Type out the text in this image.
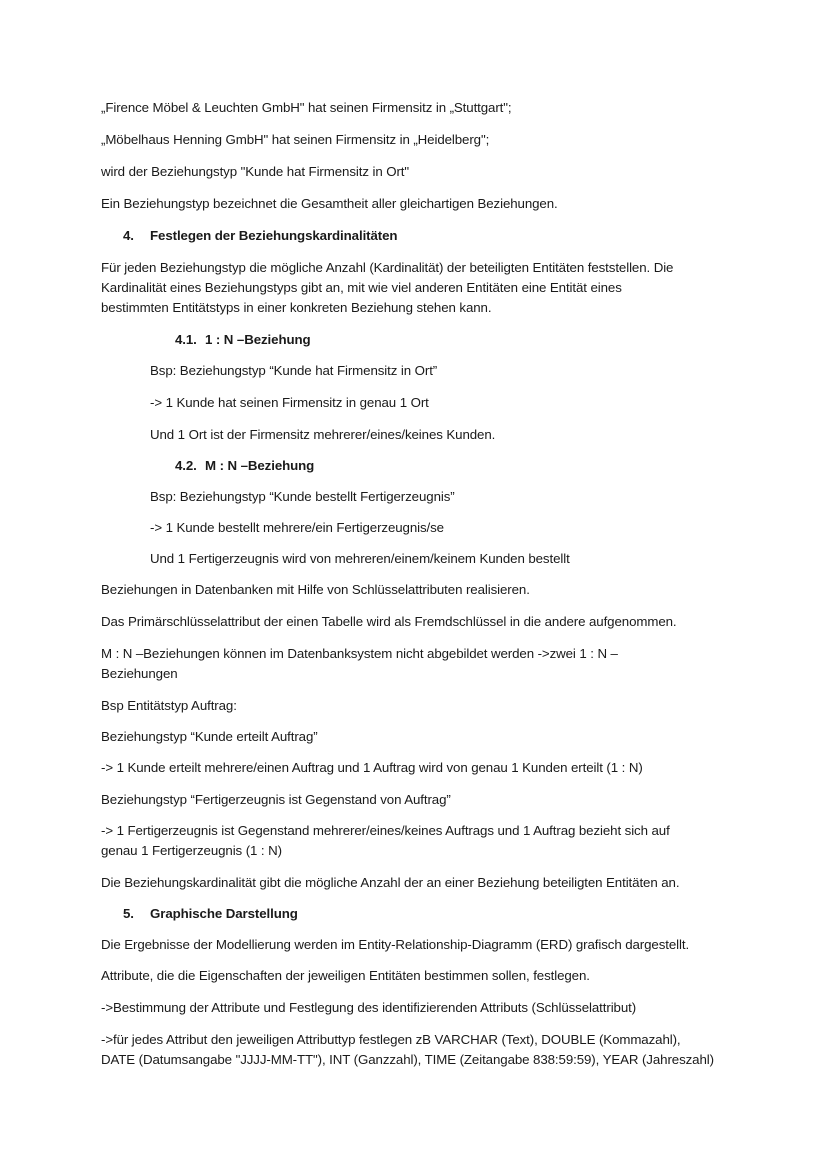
„Firence Möbel & Leuchten GmbH" hat seinen Firmensitz in „Stuttgart";
„Möbelhaus Henning GmbH" hat seinen Firmensitz in „Heidelberg";
wird der Beziehungstyp "Kunde hat Firmensitz in Ort"
Ein Beziehungstyp bezeichnet die Gesamtheit aller gleichartigen Beziehungen.
4. Festlegen der Beziehungskardinalitäten
Für jeden Beziehungstyp die mögliche Anzahl (Kardinalität) der beteiligten Entitäten feststellen. Die
Kardinalität eines Beziehungstyps gibt an, mit wie viel anderen Entitäten eine Entität eines
bestimmten Entitätstyps in einer konkreten Beziehung stehen kann.
4.1. 1 : N –Beziehung
Bsp: Beziehungstyp “Kunde hat Firmensitz in Ort”
-> 1 Kunde hat seinen Firmensitz in genau 1 Ort
Und 1 Ort ist der Firmensitz mehrerer/eines/keines Kunden.
4.2. M : N –Beziehung
Bsp: Beziehungstyp “Kunde bestellt Fertigerzeugnis”
-> 1 Kunde bestellt mehrere/ein Fertigerzeugnis/se
Und 1 Fertigerzeugnis wird von mehreren/einem/keinem Kunden bestellt
Beziehungen in Datenbanken mit Hilfe von Schlüsselattributen realisieren.
Das Primärschlüsselattribut der einen Tabelle wird als Fremdschlüssel in die andere aufgenommen.
M : N –Beziehungen können im Datenbanksystem nicht abgebildet werden ->zwei 1 : N –
Beziehungen
Bsp Entitätstyp Auftrag:
Beziehungstyp “Kunde erteilt Auftrag”
-> 1 Kunde erteilt mehrere/einen Auftrag und 1 Auftrag wird von genau 1 Kunden erteilt (1 : N)
Beziehungstyp “Fertigerzeugnis ist Gegenstand von Auftrag”
-> 1 Fertigerzeugnis ist Gegenstand mehrerer/eines/keines Auftrags und 1 Auftrag bezieht sich auf
genau 1 Fertigerzeugnis (1 : N)
Die Beziehungskardinalität gibt die mögliche Anzahl der an einer Beziehung beteiligten Entitäten an.
5. Graphische Darstellung
Die Ergebnisse der Modellierung werden im Entity-Relationship-Diagramm (ERD) grafisch dargestellt.
Attribute, die die Eigenschaften der jeweiligen Entitäten bestimmen sollen, festlegen.
->Bestimmung der Attribute und Festlegung des identifizierenden Attributs (Schlüsselattribut)
->für jedes Attribut den jeweiligen Attributtyp festlegen zB VARCHAR (Text), DOUBLE (Kommazahl),
DATE (Datumsangabe "JJJJ-MM-TT"), INT (Ganzzahl), TIME (Zeitangabe 838:59:59), YEAR (Jahreszahl)
